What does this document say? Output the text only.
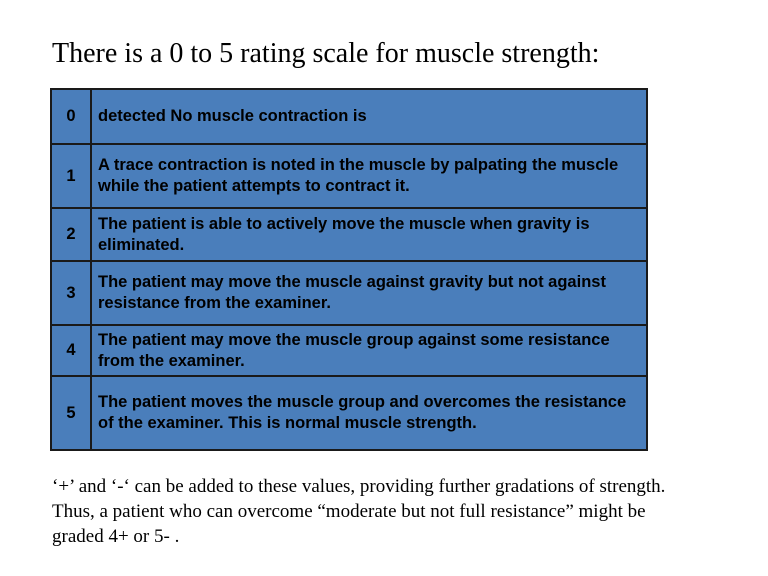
There is a 0 to 5 rating scale for muscle strength:
0	detected No muscle contraction is
1	A trace contraction is noted in the muscle by palpating the muscle while the patient attempts to contract it.
2	The patient is able to actively move the muscle when gravity is eliminated.
3	The patient may move the muscle against gravity but not against resistance from the examiner.
4	The patient may move the muscle group against some resistance from the examiner.
5	The patient moves the muscle group and overcomes the resistance of the examiner. This is normal muscle strength.
‘+’ and ‘-‘ can be added to these values, providing further gradations of strength. Thus, a patient who can overcome “moderate but not full resistance” might be graded 4+ or 5- .
